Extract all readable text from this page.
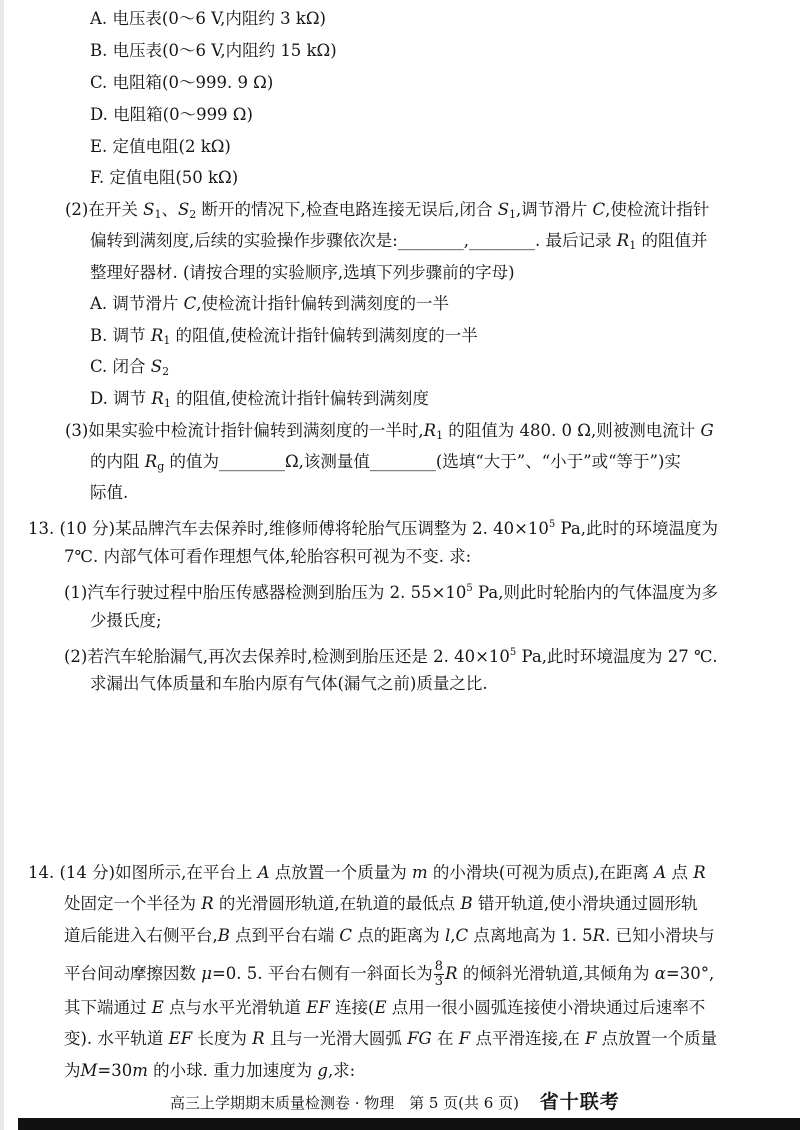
A. 电压表(0～6 V,内阻约 3 kΩ)
B. 电压表(0～6 V,内阻约 15 kΩ)
C. 电阻箱(0～999. 9 Ω)
D. 电阻箱(0～999 Ω)
E. 定值电阻(2 kΩ)
F. 定值电阻(50 kΩ)
(2)在开关 $S_1$、$S_2$ 断开的情况下,检查电路连接无误后,闭合 $S_1$,调节滑片 C,使检流计指针
偏转到满刻度,后续的实验操作步骤依次是:________,________. 最后记录 $R_1$ 的阻值并
整理好器材. (请按合理的实验顺序,选填下列步骤前的字母)
A. 调节滑片 C,使检流计指针偏转到满刻度的一半
B. 调节 $R_1$ 的阻值,使检流计指针偏转到满刻度的一半
C. 闭合 $S_2$
D. 调节 $R_1$ 的阻值,使检流计指针偏转到满刻度
(3)如果实验中检流计指针偏转到满刻度的一半时$,R_1$ 的阻值为 480. 0 Ω,则被测电流计 G
的内阻 $R_g$ 的值为________Ω,该测量值________(选填“大于”、“小于”或“等于”)实
际值.
13. (10 分)某品牌汽车去保养时,维修师傅将轮胎气压调整为 2. $40\times 10^5$ Pa,此时的环境温度为
7℃. 内部气体可看作理想气体,轮胎容积可视为不变. 求:
(1)汽车行驶过程中胎压传感器检测到胎压为 2. $55\times 10^5$ Pa,则此时轮胎内的气体温度为多
少摄氏度;
(2)若汽车轮胎漏气,再次去保养时,检测到胎压还是 2. $40\times 10^5$ Pa,此时环境温度为 27 ℃.
求漏出气体质量和车胎内原有气体(漏气之前)质量之比.
14. (14 分)如图所示,在平台上 A 点放置一个质量为 m 的小滑块(可视为质点),在距离 A 点 R
处固定一个半径为 R 的光滑圆形轨道,在轨道的最低点 B 错开轨道,使小滑块通过圆形轨
道后能进入右侧平台,B 点到平台右端 C 点的距离为 l,C 点离地高为 1. 5R. 已知小滑块与
平台间动摩擦因数 μ=0. 5. 平台右侧有一斜面长为 $\frac{8}{3}$ R 的倾斜光滑轨道,其倾角为 α=30°,
其下端通过 E 点与水平光滑轨道 EF 连接(E 点用一很小圆弧连接使小滑块通过后速率不
变). 水平轨道 EF 长度为 R 且与一光滑大圆弧 FG 在 F 点平滑连接,在 F 点放置一个质量
为M=30m 的小球. 重力加速度为 g,求:
高三上学期期末质量检测卷 · 物理 第 5 页(共 6 页) 省十联考
